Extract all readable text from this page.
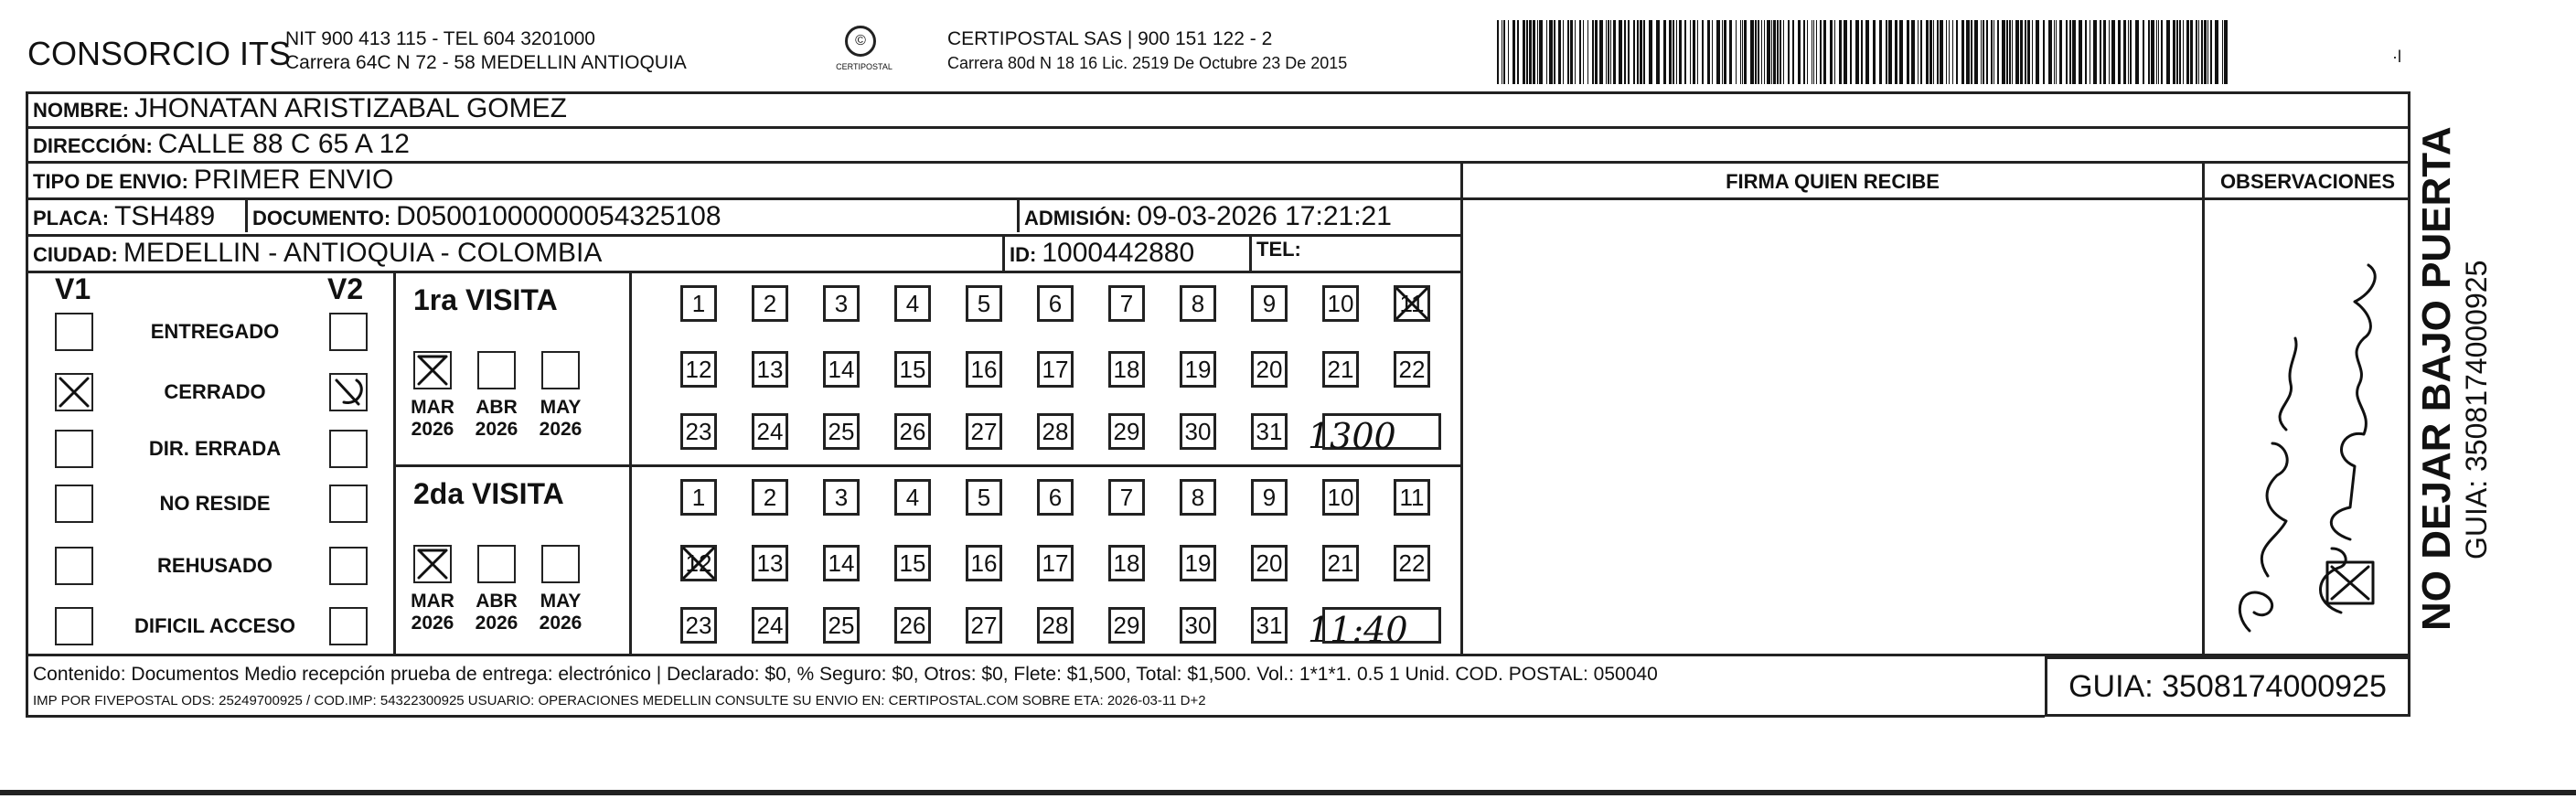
CONSORCIO ITS
NIT 900 413 115 - TEL 604 3201000
Carrera 64C N 72 - 58 MEDELLIN ANTIOQUIA
©
CERTIPOSTAL
CERTIPOSTAL SAS | 900 151 122 - 2
Carrera 80d N 18 16 Lic. 2519 De Octubre 23 De 2015	·l
NOMBRE: JHONATAN ARISTIZABAL GOMEZ
DIRECCIÓN: CALLE 88 C 65 A 12
TIPO DE ENVIO: PRIMER ENVIO
PLACA: TSH489 DOCUMENTO: D05001000000054325108	ADMISIÓN: 09-03-2026 17:21:21
CIUDAD: MEDELLIN - ANTIOQUIA - COLOMBIA	ID: 1000442880	TEL:
FIRMA QUIEN RECIBE	OBSERVACIONES
V1	V2
ENTREGADO
CERRADO
DIR. ERRADA
NO RESIDE
REHUSADO
DIFICIL ACCESO
1ra VISITA
MAR
2026
ABR
2026
MAY
2026
1	2	3	4	5	6	7	8	9	10 11
12 13 14 15 16 17 18 19 20 21 22
23 24 25 26 27 28 29 30 31
2da VISITA
MAR
2026
ABR
2026
MAY
2026
1	2	3	4	5	6	7	8	9	10 11
12 13 14 15 16 17 18 19 20 21 22
23 24 25 26 27 28 29 30 31
1300
11:40	NO DEJAR BAJO PUERTA GUIA: 3508174000925
Contenido: Documentos Medio recepción prueba de entrega: electrónico | Declarado: $0, % Seguro: $0, Otros: $0, Flete: $1,500, Total: $1,500. Vol.: 1*1*1. 0.5 1 Unid. COD. POSTAL: 050040
IMP POR FIVEPOSTAL ODS: 25249700925 / COD.IMP: 54322300925 USUARIO: OPERACIONES MEDELLIN CONSULTE SU ENVIO EN: CERTIPOSTAL.COM SOBRE ETA: 2026-03-11 D+2	GUIA: 3508174000925
